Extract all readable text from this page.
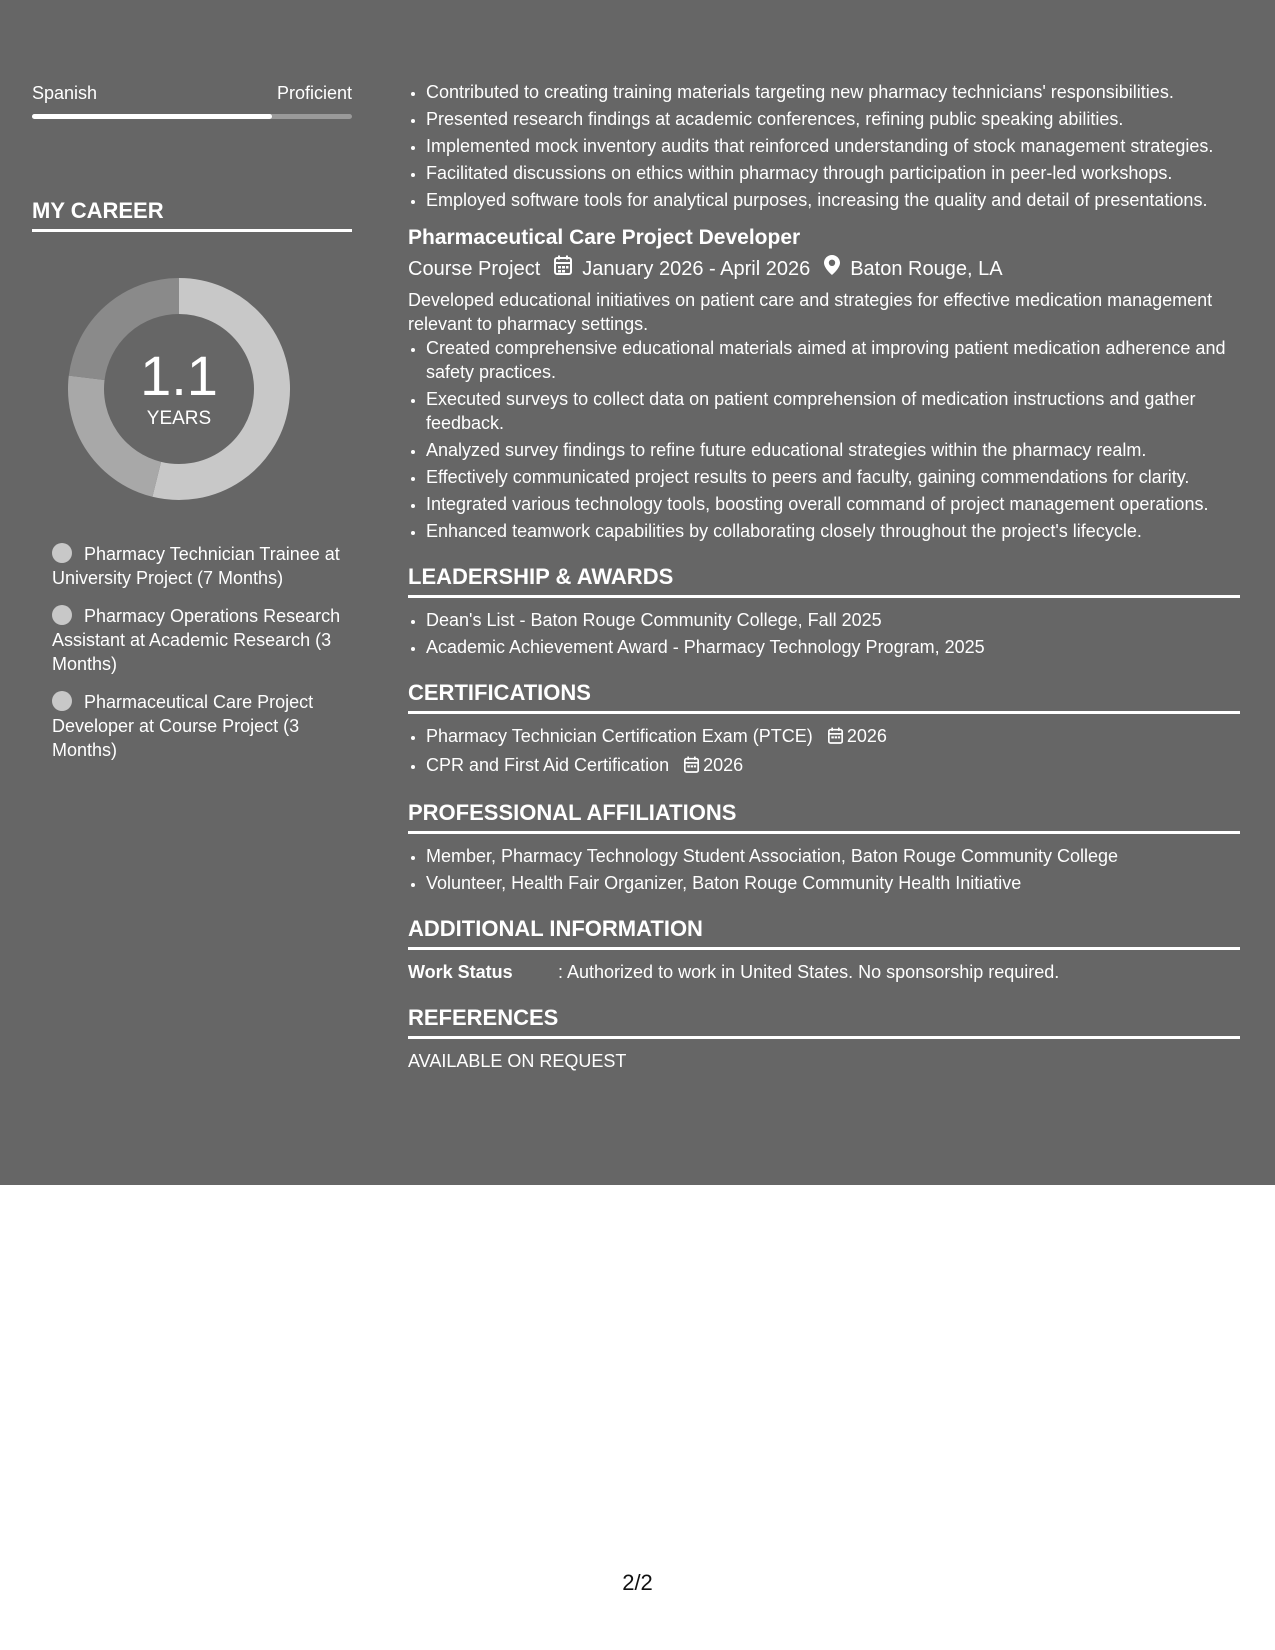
Spanish	Proficient
MY CAREER
1.1
YEARS
Pharmacy Technician Trainee at University Project (7 Months)
Pharmacy Operations Research Assistant at Academic Research (3 Months)
Pharmaceutical Care Project Developer at Course Project (3 Months)
• Contributed to creating training materials targeting new pharmacy technicians' responsibilities.
• Presented research findings at academic conferences, refining public speaking abilities.
• Implemented mock inventory audits that reinforced understanding of stock management strategies.
• Facilitated discussions on ethics within pharmacy through participation in peer-led workshops.
• Employed software tools for analytical purposes, increasing the quality and detail of presentations.
Pharmaceutical Care Project Developer
Course Project January 2026 - April 2026 Baton Rouge, LA
Developed educational initiatives on patient care and strategies for effective medication management relevant to pharmacy settings.
• Created comprehensive educational materials aimed at improving patient medication adherence and safety practices.
• Executed surveys to collect data on patient comprehension of medication instructions and gather feedback.
• Analyzed survey findings to refine future educational strategies within the pharmacy realm.
• Effectively communicated project results to peers and faculty, gaining commendations for clarity.
• Integrated various technology tools, boosting overall command of project management operations.
• Enhanced teamwork capabilities by collaborating closely throughout the project's lifecycle.
LEADERSHIP & AWARDS
• Dean's List - Baton Rouge Community College, Fall 2025
• Academic Achievement Award - Pharmacy Technology Program, 2025
CERTIFICATIONS
• Pharmacy Technician Certification Exam (PTCE) 2026
• CPR and First Aid Certification 2026
PROFESSIONAL AFFILIATIONS
• Member, Pharmacy Technology Student Association, Baton Rouge Community College
• Volunteer, Health Fair Organizer, Baton Rouge Community Health Initiative
ADDITIONAL INFORMATION
Work Status	: Authorized to work in United States. No sponsorship required.
REFERENCES
AVAILABLE ON REQUEST
2/2
